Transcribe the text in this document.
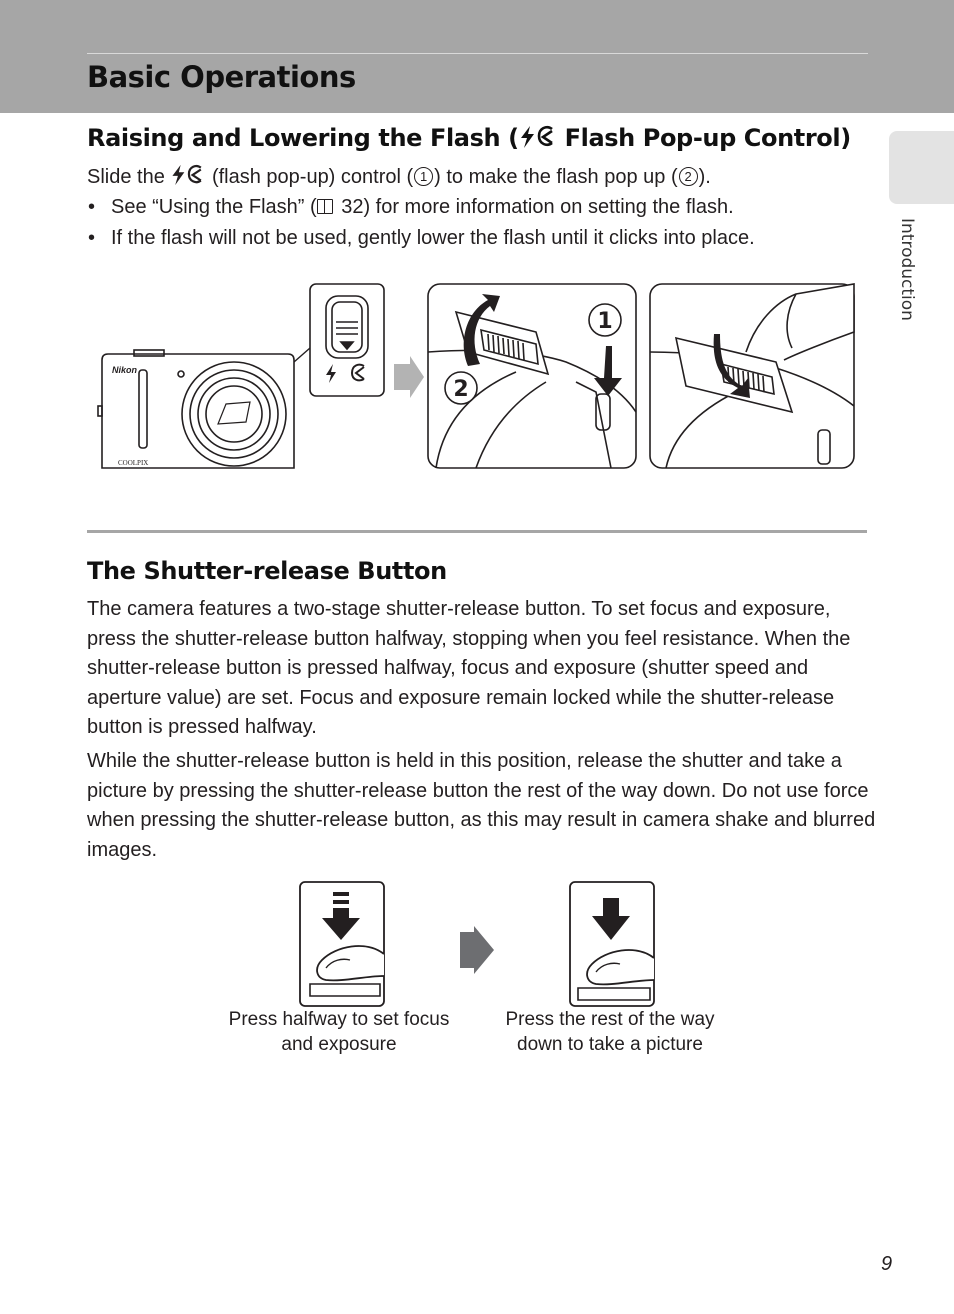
Basic Operations
Introduction
Raising and Lowering the Flash ( Flash Pop-up Control)
Slide the  (flash pop-up) control ( 1 ) to make the flash pop up ( 2 ).
• See “Using the Flash” ( 32) for more information on setting the flash.
• If the flash will not be used, gently lower the flash until it clicks into place.
Nikon
COOLPIX
1
2
The Shutter-release Button

The camera features a two-stage shutter-release button. To set focus and exposure, press the shutter-release button halfway, stopping when you feel resistance. When the shutter-release button is pressed halfway, focus and exposure (shutter speed and aperture value) are set. Focus and exposure remain locked while the shutter-release button is pressed halfway.

While the shutter-release button is held in this position, release the shutter and take a picture by pressing the shutter-release button the rest of the way down. Do not use force when pressing the shutter-release button, as this may result in camera shake and blurred images.

Press halfway to set focus
and exposure
Press the rest of the way
down to take a picture
9
